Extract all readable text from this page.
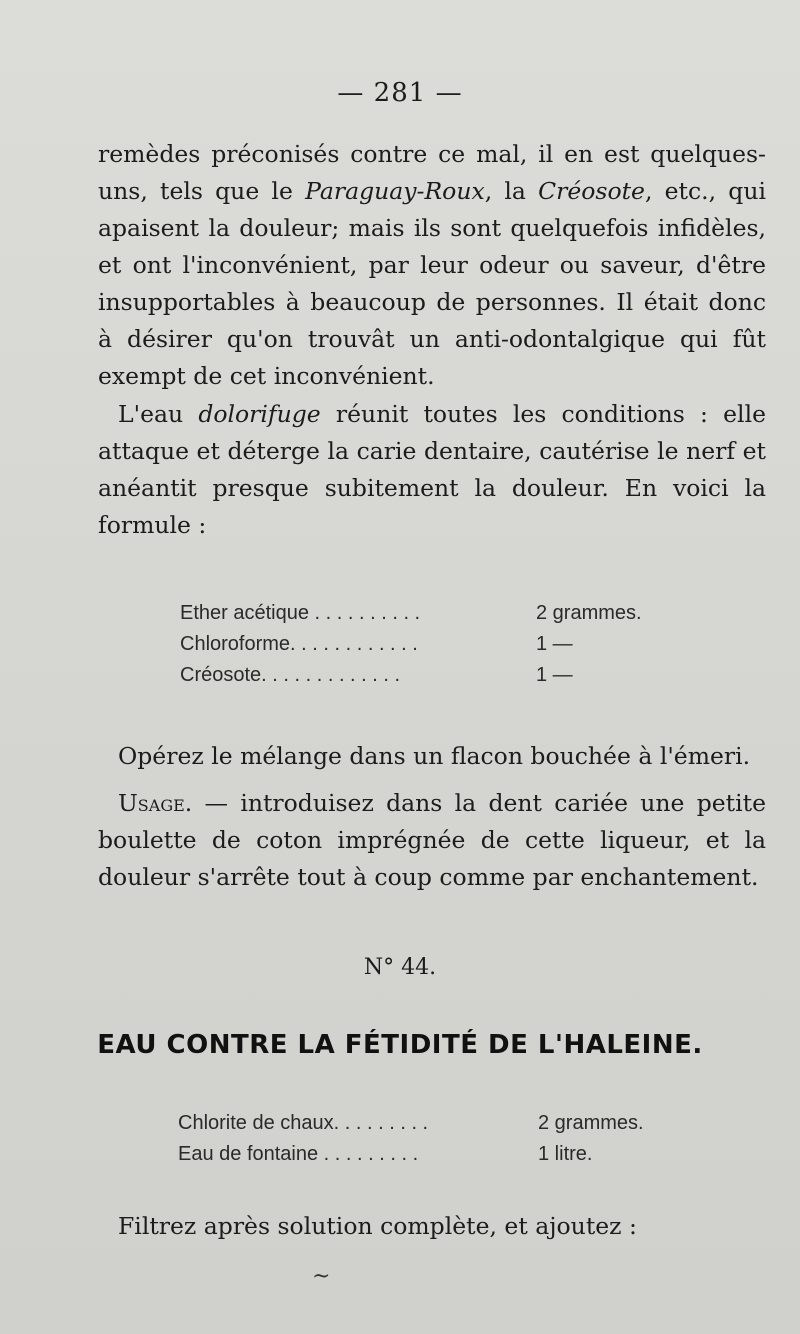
— 281 —

remèdes préconisés contre ce mal, il en est quelques-uns, tels que le Paraguay-Roux, la Créosote, etc., qui apaisent la douleur; mais ils sont quelquefois infidèles, et ont l'inconvénient, par leur odeur ou saveur, d'être insupportables à beaucoup de personnes. Il était donc à désirer qu'on trouvât un anti-odontalgique qui fût exempt de cet inconvénient.

L'eau dolorifuge réunit toutes les conditions : elle attaque et déterge la carie dentaire, cautérise le nerf et anéantit presque subitement la douleur. En voici la formule :

Ether acétique . . . . . . . . . .	2 grammes.
Chloroforme. . . . . . . . . . . .	1 —
Créosote. . . . . . . . . . . . .	1 —

Opérez le mélange dans un flacon bouchée à l'émeri.

Usage. — introduisez dans la dent cariée une petite boulette de coton imprégnée de cette liqueur, et la douleur s'arrête tout à coup comme par enchantement.

N° 44.
EAU CONTRE LA FÉTIDITÉ DE L'HALEINE.
Chlorite de chaux. . . . . . . . .	2 grammes.
Eau de fontaine . . . . . . . . .	1 litre.

Filtrez après solution complète, et ajoutez :

~
